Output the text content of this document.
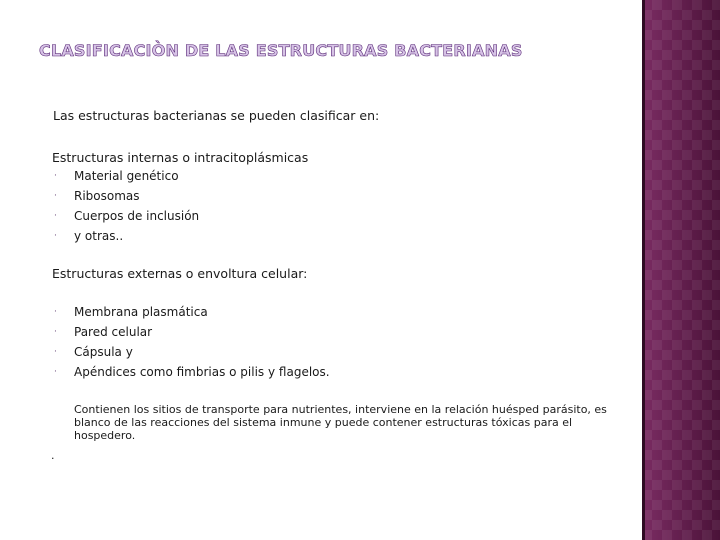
CLASIFICACIÒN DE LAS ESTRUCTURAS BACTERIANAS
Las estructuras bacterianas se pueden clasificar en:
Estructuras internas o intracitoplásmicas
· Material genético
· Ribosomas
· Cuerpos de inclusión
· y otras..
Estructuras externas o envoltura celular:
· Membrana plasmática
· Pared celular
· Cápsula y
· Apéndices como fimbrias o pilis y flagelos.
Contienen los sitios de transporte para nutrientes, interviene en la relación huésped parásito, es blanco de las reacciones del sistema inmune y puede contener estructuras tóxicas para el hospedero.
.
